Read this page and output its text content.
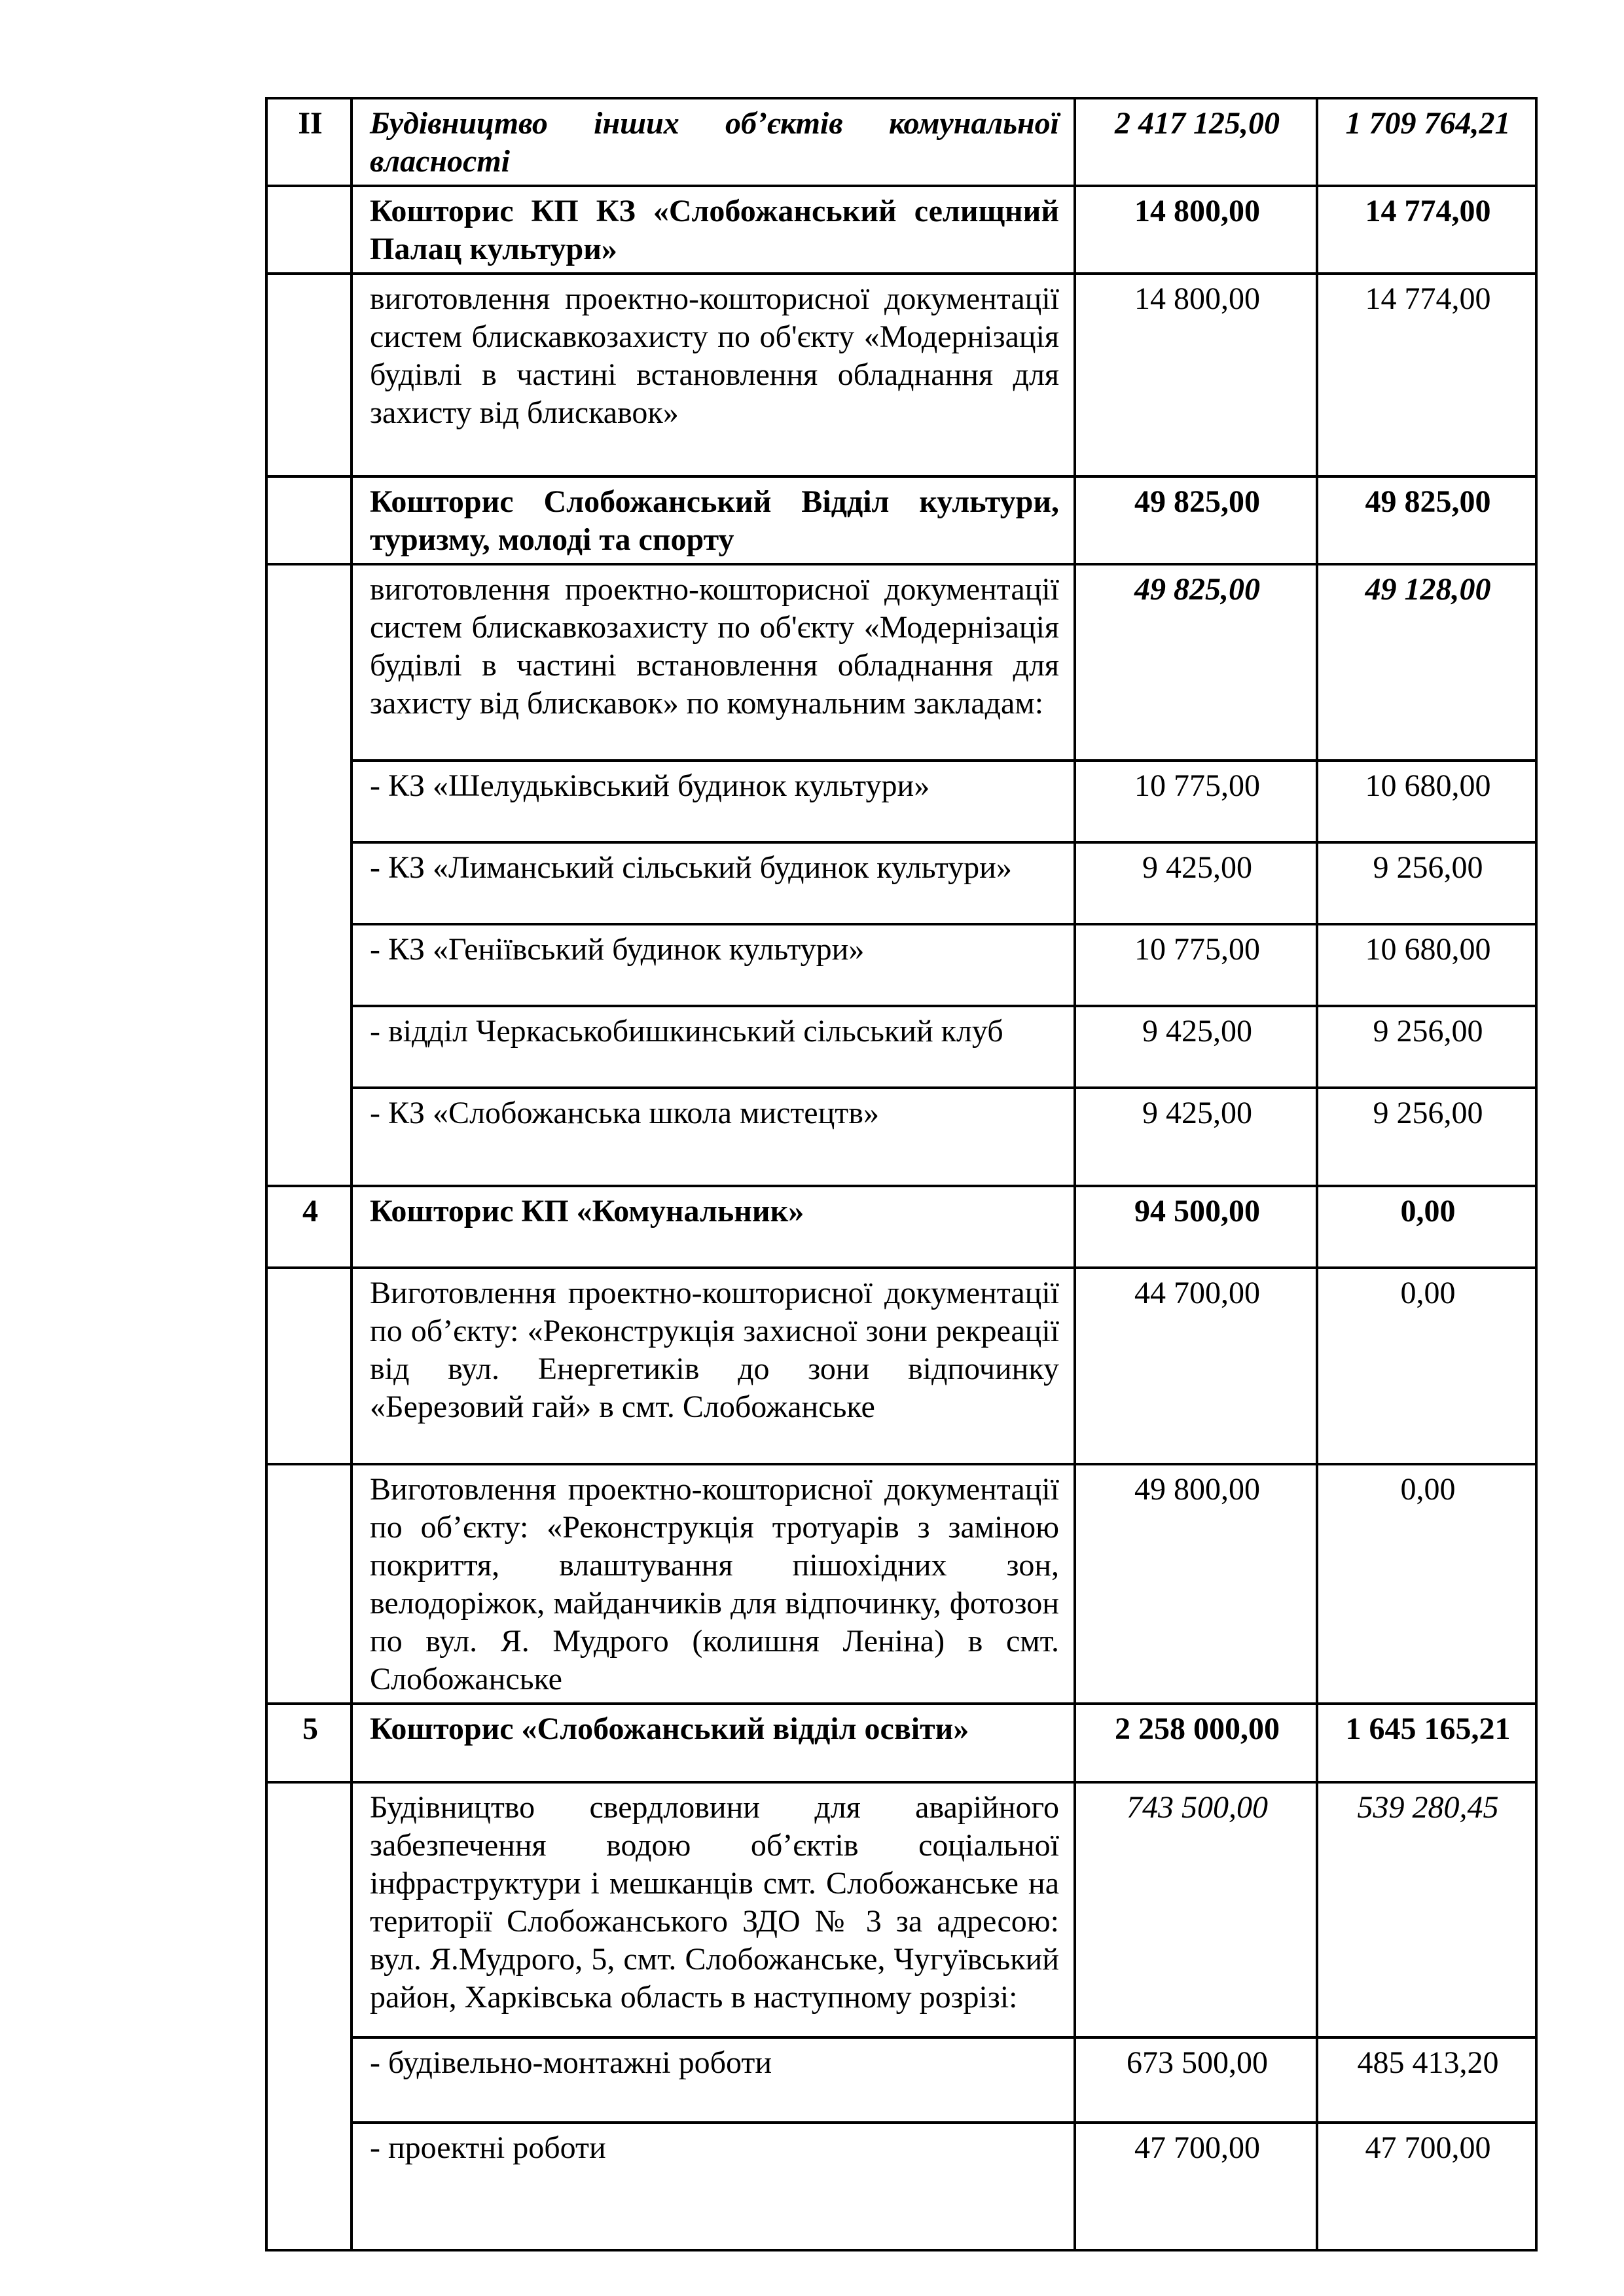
II	Будівництво інших об’єктів комунальної власності	2 417 125,00	1 709 764,21
	Кошторис КП КЗ «Слобожанський селищний Палац культури»	14 800,00	14 774,00
	виготовлення проектно-кошторисної документації систем блискавкозахисту по об'єкту «Модернізація будівлі в частині встановлення обладнання для захисту від блискавок»	14 800,00	14 774,00
	Кошторис Слобожанський Відділ культури, туризму, молоді та спорту	49 825,00	49 825,00
	виготовлення проектно-кошторисної документації систем блискавкозахисту по об'єкту «Модернізація будівлі в частині встановлення обладнання для захисту від блискавок» по комунальним закладам:	49 825,00	49 128,00
	- КЗ «Шелудьківський будинок культури»	10 775,00	10 680,00
	- КЗ «Лиманський сільський будинок культури»	9 425,00	9 256,00
	- КЗ «Геніївський будинок культури»	10 775,00	10 680,00
	- відділ Черкаськобишкинський сільський клуб	9 425,00	9 256,00
	- КЗ «Слобожанська школа мистецтв»	9 425,00	9 256,00
4	Кошторис КП «Комунальник»	94 500,00	0,00
	Виготовлення проектно-кошторисної документації по об’єкту: «Реконструкція захисної зони рекреації від вул. Енергетиків до зони відпочинку «Березовий гай» в смт. Слобожанське	44 700,00	0,00
	Виготовлення проектно-кошторисної документації по об’єкту: «Реконструкція тротуарів з заміною покриття, влаштування пішохідних зон, велодоріжок, майданчиків для відпочинку, фотозон по вул. Я. Мудрого (колишня Леніна) в смт. Слобожанське	49 800,00	0,00
5	Кошторис «Слобожанський відділ освіти»	2 258 000,00	1 645 165,21
	Будівництво свердловини для аварійного забезпечення водою об’єктів соціальної інфраструктури і мешканців смт. Слобожанське на території Слобожанського ЗДО № 3 за адресою: вул. Я.Мудрого, 5, смт. Слобожанське, Чугуївський район, Харківська область в наступному розрізі:	743 500,00	539 280,45
	- будівельно-монтажні роботи	673 500,00	485 413,20
	- проектні роботи	47 700,00	47 700,00
